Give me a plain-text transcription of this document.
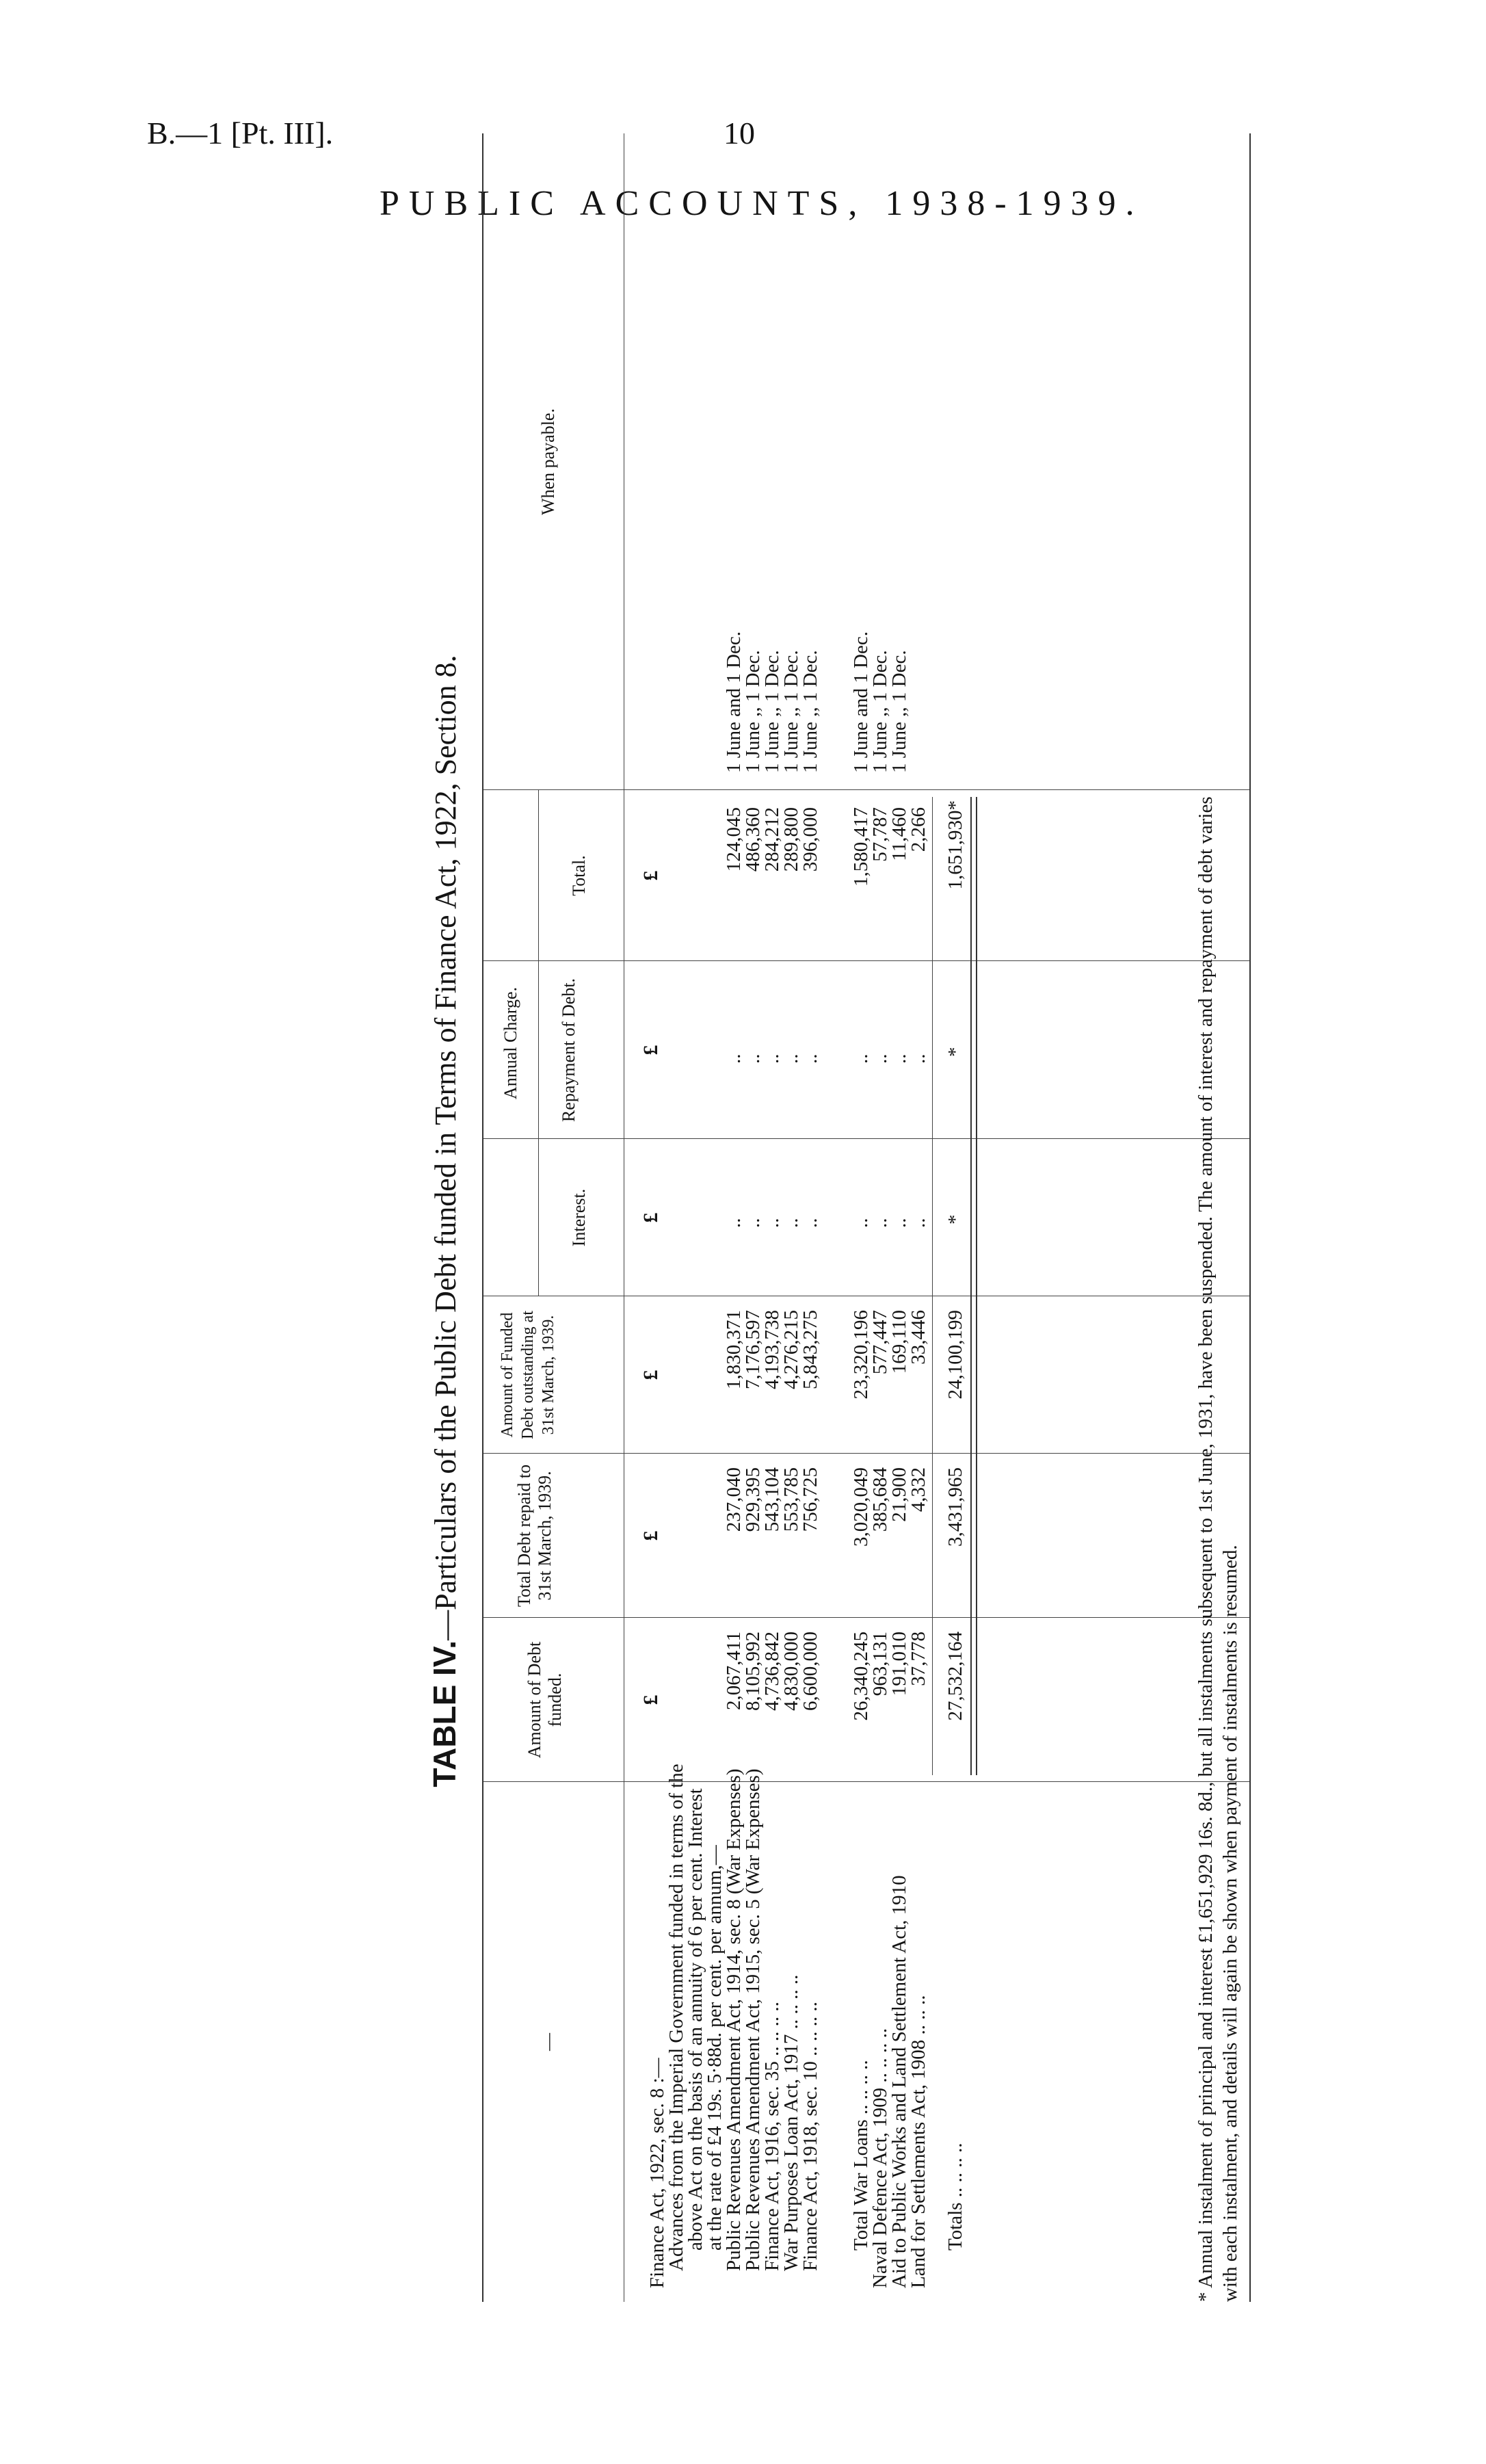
B.—1 [Pt. III].	10
PUBLIC ACCOUNTS, 1938-1939.
TABLE IV.—Particulars of the Public Debt funded in Terms of Finance Act, 1922, Section 8.
—
Amount of Debt funded.
Total Debt repaid to 31st March, 1939.
Amount of Funded Debt outstanding at 31st March, 1939.
Annual Charge.
Interest.
Repayment of Debt.
Total.
When payable.
£
£
£
£
£
£
Finance Act, 1922, sec. 8 :—
Advances from the Imperial Government funded in terms of the
above Act on the basis of an annuity of 6 per cent. Interest
at the rate of £4 19s. 5·88d. per cent. per annum,—
Public Revenues Amendment Act, 1914, sec. 8 (War Expenses)
2,067,411
237,040
1,830,371
..
..
124,045
1 June and 1 Dec.
Public Revenues Amendment Act, 1915, sec. 5 (War Expenses)
8,105,992
929,395
7,176,597
..
..
486,360
1 June ,, 1 Dec.
Finance Act, 1916, sec. 35 .. .. .. ..
4,736,842
543,104
4,193,738
..
..
284,212
1 June ,, 1 Dec.
War Purposes Loan Act, 1917 .. .. .. ..
4,830,000
553,785
4,276,215
..
..
289,800
1 June ,, 1 Dec.
Finance Act, 1918, sec. 10 .. .. .. ..
6,600,000
756,725
5,843,275
..
..
396,000
1 June ,, 1 Dec.
Total War Loans .. .. .. ..
26,340,245
3,020,049
23,320,196
..
..
1,580,417
1 June and 1 Dec.
Naval Defence Act, 1909 .. .. .. ..
963,131
385,684
577,447
..
..
57,787
1 June ,, 1 Dec.
Aid to Public Works and Land Settlement Act, 1910
191,010
21,900
169,110
..
..
11,460
1 June ,, 1 Dec.
Land for Settlements Act, 1908 .. .. ..
37,778
4,332
33,446
..
..
2,266
Totals .. .. .. ..
27,532,164
3,431,965
24,100,199
*
*
1,651,930*	* Annual instalment of principal and interest £1,651,929 16s. 8d., but all instalments subsequent to 1st June, 1931, have been suspended. The amount of interest and repayment of debt varies with each instalment, and details will again be shown when payment of instalments is resumed.
